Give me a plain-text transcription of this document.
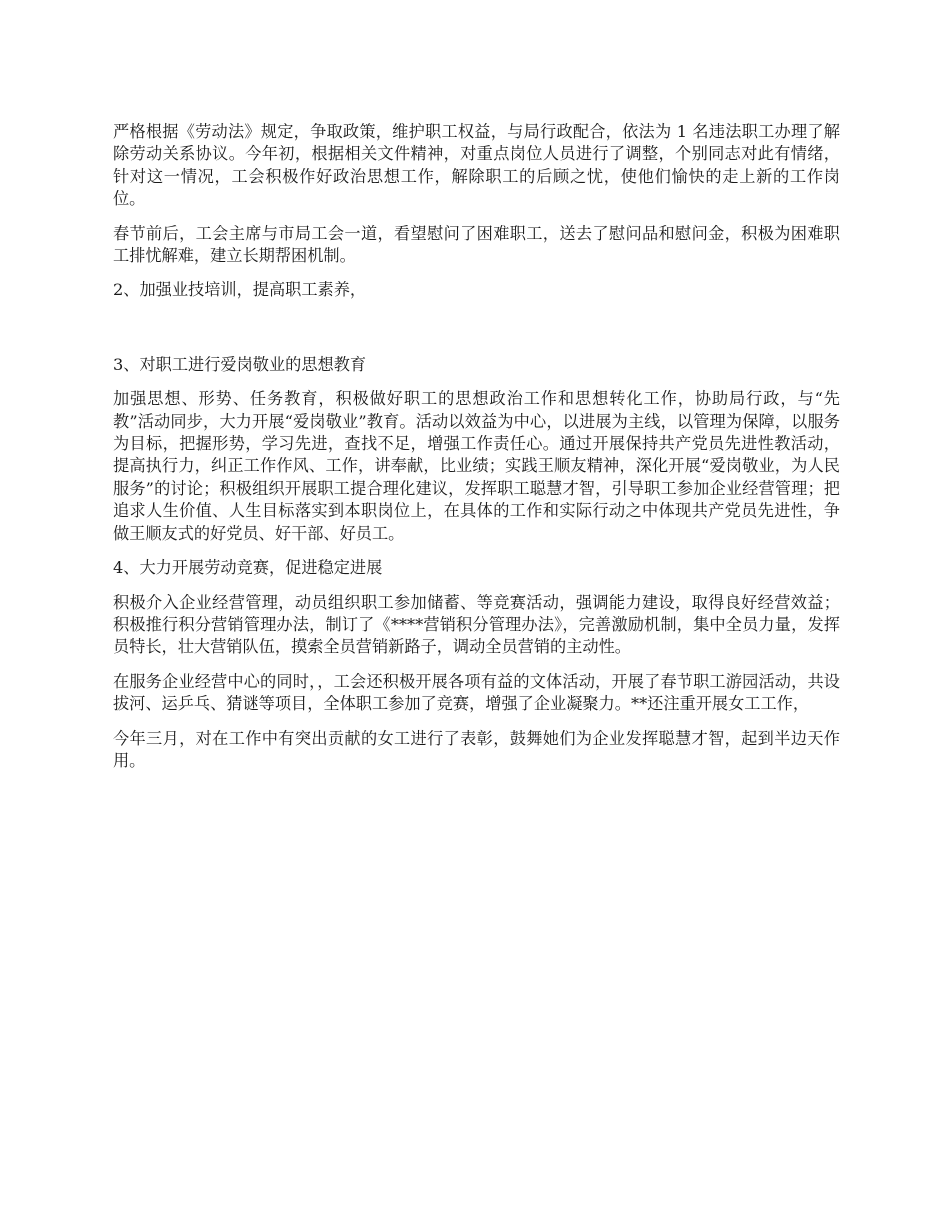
严格根据《劳动法》规定，争取政策，维护职工权益，与局行政配合，依法为 1 名违法职工办理了解除劳动关系协议。今年初，根据相关文件精神，对重点岗位人员进行了调整，个别同志对此有情绪，针对这一情况，工会积极作好政治思想工作，解除职工的后顾之忧，使他们愉快的走上新的工作岗位。

春节前后，工会主席与市局工会一道，看望慰问了困难职工，送去了慰问品和慰问金，积极为困难职工排忧解难，建立长期帮困机制。

2、加强业技培训，提高职工素养，

3、对职工进行爱岗敬业的思想教育

加强思想、形势、任务教育，积极做好职工的思想政治工作和思想转化工作，协助局行政，与“先教”活动同步，大力开展“爱岗敬业”教育。活动以效益为中心，以进展为主线，以管理为保障，以服务为目标，把握形势，学习先进，查找不足，增强工作责任心。通过开展保持共产党员先进性教活动，提高执行力，纠正工作作风、工作，讲奉献，比业绩；实践王顺友精神，深化开展“爱岗敬业，为人民服务”的讨论；积极组织开展职工提合理化建议，发挥职工聪慧才智，引导职工参加企业经营管理；把追求人生价值、人生目标落实到本职岗位上，在具体的工作和实际行动之中体现共产党员先进性，争做王顺友式的好党员、好干部、好员工。

4、大力开展劳动竞赛，促进稳定进展

积极介入企业经营管理，动员组织职工参加储蓄、等竞赛活动，强调能力建设，取得良好经营效益；积极推行积分营销管理办法，制订了《****营销积分管理办法》，完善激励机制，集中全员力量，发挥员特长，壮大营销队伍，摸索全员营销新路子，调动全员营销的主动性。

在服务企业经营中心的同时，，工会还积极开展各项有益的文体活动，开展了春节职工游园活动，共设拔河、运乒乓、猜谜等项目，全体职工参加了竞赛，增强了企业凝聚力。**还注重开展女工工作，

今年三月，对在工作中有突出贡献的女工进行了表彰，鼓舞她们为企业发挥聪慧才智，起到半边天作用。
